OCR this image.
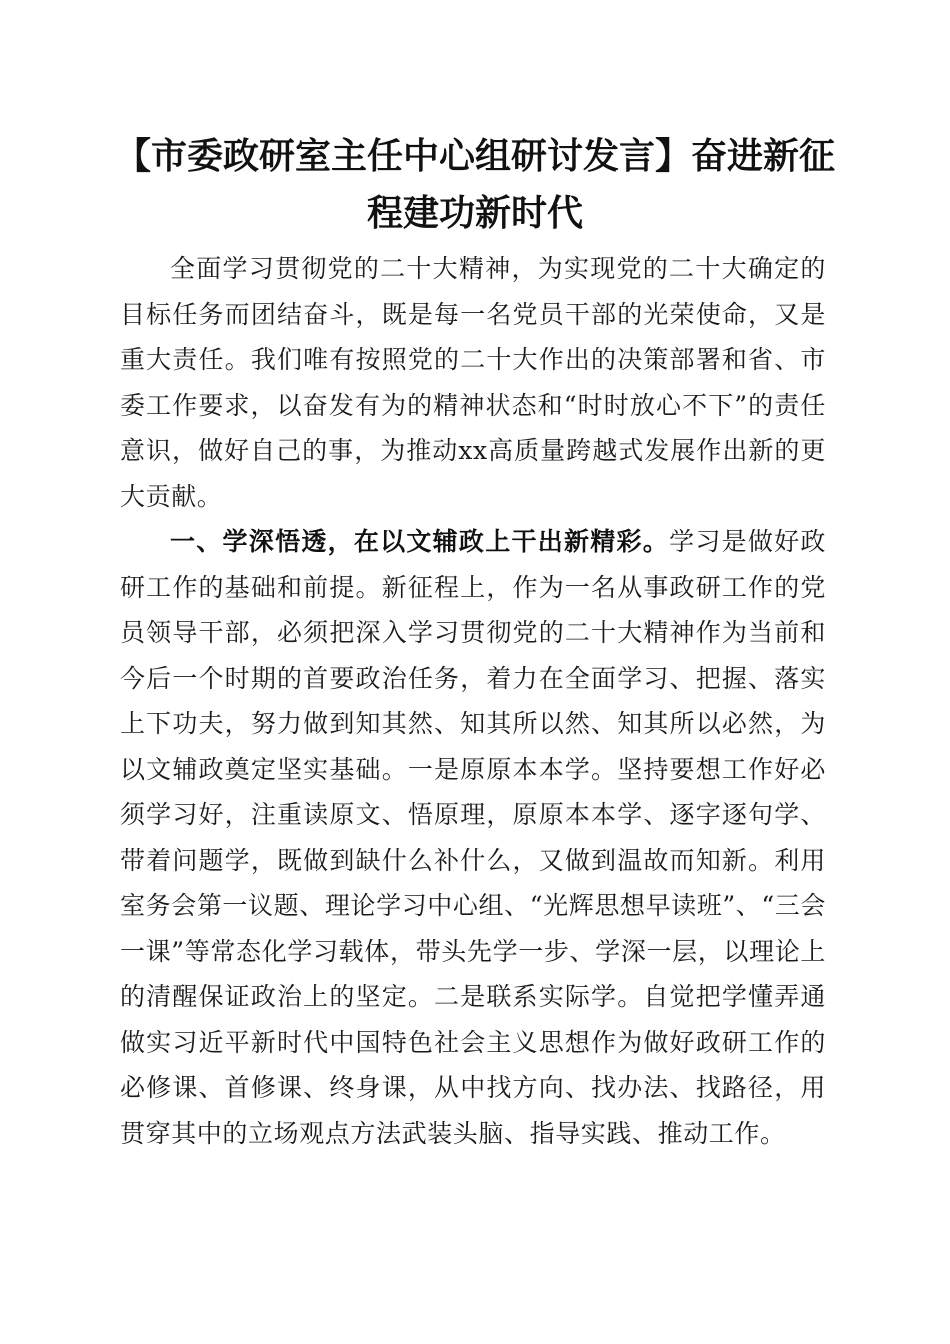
【市委政研室主任中心组研讨发言】奋进新征程建功新时代

全面学习贯彻党的二十大精神，为实现党的二十大确定的目标任务而团结奋斗，既是每一名党员干部的光荣使命，又是重大责任。我们唯有按照党的二十大作出的决策部署和省、市委工作要求，以奋发有为的精神状态和“时时放心不下”的责任意识，做好自己的事，为推动xx高质量跨越式发展作出新的更大贡献。

一、学深悟透，在以文辅政上干出新精彩。学习是做好政研工作的基础和前提。新征程上，作为一名从事政研工作的党员领导干部，必须把深入学习贯彻党的二十大精神作为当前和今后一个时期的首要政治任务，着力在全面学习、把握、落实上下功夫，努力做到知其然、知其所以然、知其所以必然，为以文辅政奠定坚实基础。一是原原本本学。坚持要想工作好必须学习好，注重读原文、悟原理，原原本本学、逐字逐句学、带着问题学，既做到缺什么补什么，又做到温故而知新。利用室务会第一议题、理论学习中心组、“光辉思想早读班”、“三会一课”等常态化学习载体，带头先学一步、学深一层，以理论上的清醒保证政治上的坚定。二是联系实际学。自觉把学懂弄通做实习近平新时代中国特色社会主义思想作为做好政研工作的必修课、首修课、终身课，从中找方向、找办法、找路径，用贯穿其中的立场观点方法武装头脑、指导实践、推动工作。
